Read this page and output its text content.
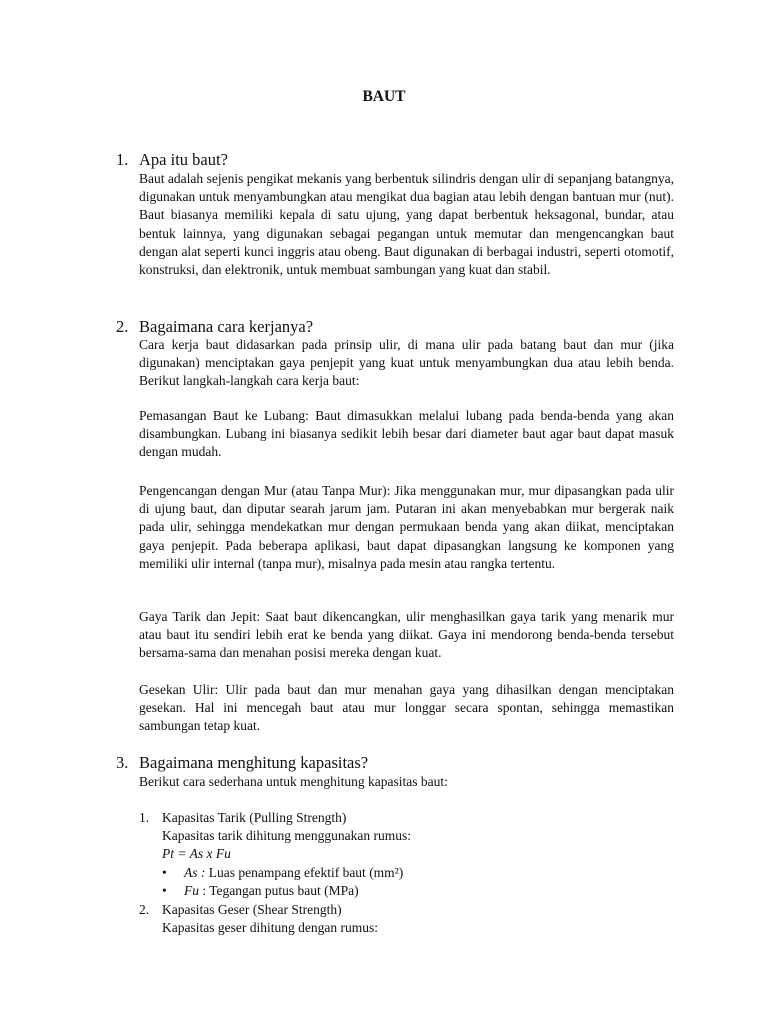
BAUT
1. Apa itu baut?
Baut adalah sejenis pengikat mekanis yang berbentuk silindris dengan ulir di sepanjang batangnya, digunakan untuk menyambungkan atau mengikat dua bagian atau lebih dengan bantuan mur (nut). Baut biasanya memiliki kepala di satu ujung, yang dapat berbentuk heksagonal, bundar, atau bentuk lainnya, yang digunakan sebagai pegangan untuk memutar dan mengencangkan baut dengan alat seperti kunci inggris atau obeng. Baut digunakan di berbagai industri, seperti otomotif, konstruksi, dan elektronik, untuk membuat sambungan yang kuat dan stabil.
2. Bagaimana cara kerjanya?
Cara kerja baut didasarkan pada prinsip ulir, di mana ulir pada batang baut dan mur (jika digunakan) menciptakan gaya penjepit yang kuat untuk menyambungkan dua atau lebih benda. Berikut langkah-langkah cara kerja baut:
Pemasangan Baut ke Lubang: Baut dimasukkan melalui lubang pada benda-benda yang akan disambungkan. Lubang ini biasanya sedikit lebih besar dari diameter baut agar baut dapat masuk dengan mudah.
Pengencangan dengan Mur (atau Tanpa Mur): Jika menggunakan mur, mur dipasangkan pada ulir di ujung baut, dan diputar searah jarum jam. Putaran ini akan menyebabkan mur bergerak naik pada ulir, sehingga mendekatkan mur dengan permukaan benda yang akan diikat, menciptakan gaya penjepit. Pada beberapa aplikasi, baut dapat dipasangkan langsung ke komponen yang memiliki ulir internal (tanpa mur), misalnya pada mesin atau rangka tertentu.
Gaya Tarik dan Jepit: Saat baut dikencangkan, ulir menghasilkan gaya tarik yang menarik mur atau baut itu sendiri lebih erat ke benda yang diikat. Gaya ini mendorong benda-benda tersebut bersama-sama dan menahan posisi mereka dengan kuat.
Gesekan Ulir: Ulir pada baut dan mur menahan gaya yang dihasilkan dengan menciptakan gesekan. Hal ini mencegah baut atau mur longgar secara spontan, sehingga memastikan sambungan tetap kuat.
3. Bagaimana menghitung kapasitas?
Berikut cara sederhana untuk menghitung kapasitas baut:
1. Kapasitas Tarik (Pulling Strength)
Kapasitas tarik dihitung menggunakan rumus:
Pt = As x Fu
• As : Luas penampang efektif baut (mm²)
• Fu : Tegangan putus baut (MPa)
2. Kapasitas Geser (Shear Strength)
Kapasitas geser dihitung dengan rumus:
